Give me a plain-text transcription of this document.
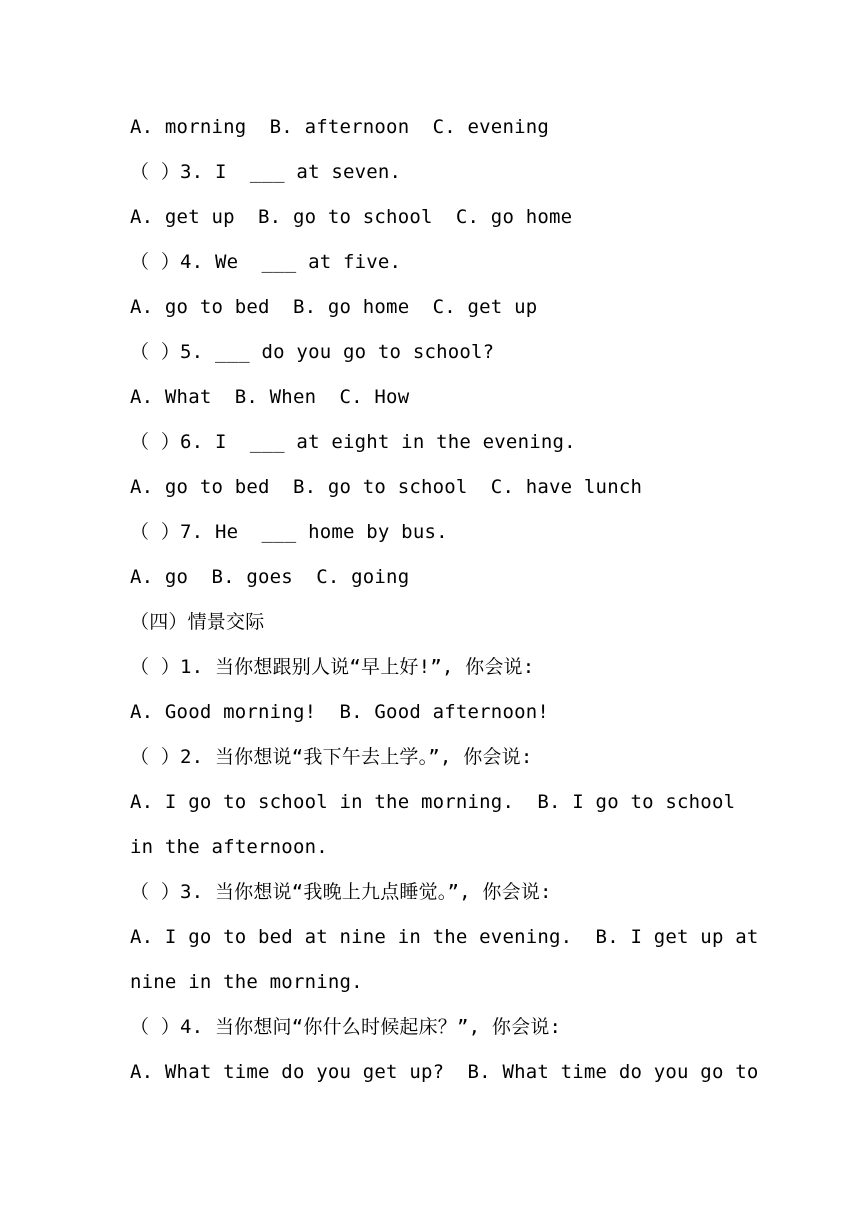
A. morning  B. afternoon  C. evening
（ ）3. I  ___ at seven.
A. get up  B. go to school  C. go home
（ ）4. We  ___ at five.
A. go to bed  B. go home  C. get up
（ ）5. ___ do you go to school?
A. What  B. When  C. How
（ ）6. I  ___ at eight in the evening.
A. go to bed  B. go to school  C. have lunch
（ ）7. He  ___ home by bus.
A. go  B. goes  C. going
（四）情景交际
（ ）1. 当你想跟别人说“早上好!”, 你会说:
A. Good morning!  B. Good afternoon!
（ ）2. 当你想说“我下午去上学。”, 你会说:
A. I go to school in the morning.  B. I go to school
in the afternoon.
（ ）3. 当你想说“我晚上九点睡觉。”, 你会说:
A. I go to bed at nine in the evening.  B. I get up at
nine in the morning.
（ ）4. 当你想问“你什么时候起床？”, 你会说:
A. What time do you get up?  B. What time do you go to
